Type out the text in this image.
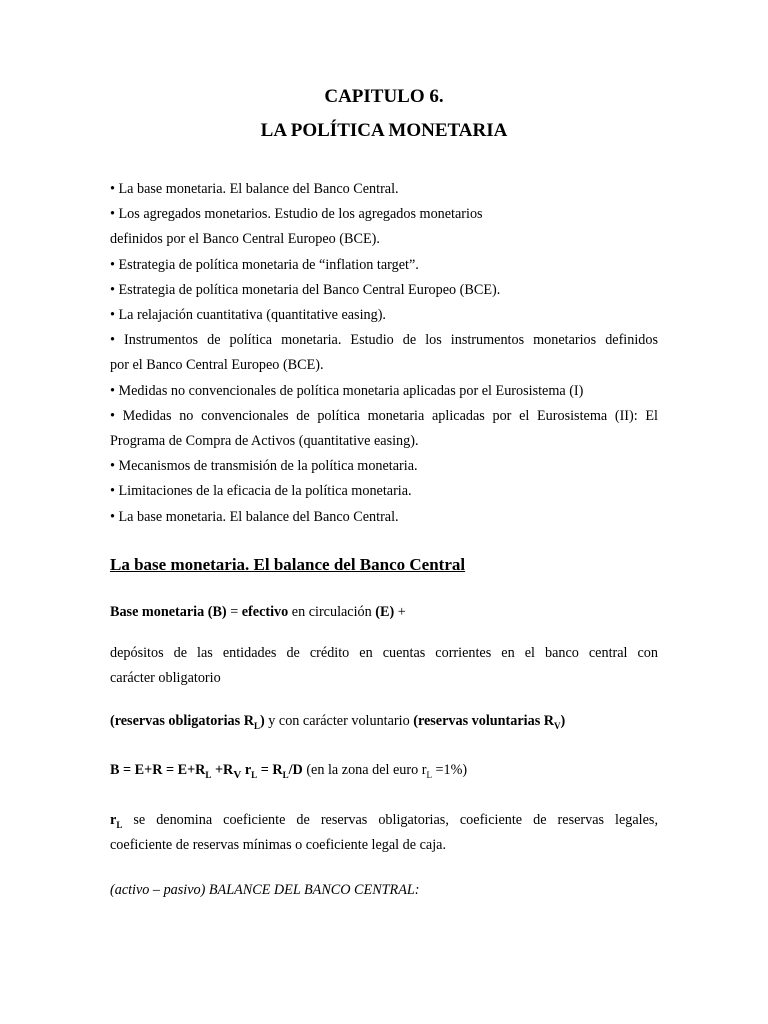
CAPITULO 6.
LA POLÍTICA MONETARIA
• La base monetaria. El balance del Banco Central.
• Los agregados monetarios. Estudio de los agregados monetarios
definidos por el Banco Central Europeo (BCE).
• Estrategia de política monetaria de “inflation target”.
• Estrategia de política monetaria del Banco Central Europeo (BCE).
• La relajación cuantitativa (quantitative easing).
• Instrumentos de política monetaria. Estudio de los instrumentos monetarios definidos
por el Banco Central Europeo (BCE).
• Medidas no convencionales de política monetaria aplicadas por el Eurosistema (I)
• Medidas no convencionales de política monetaria aplicadas por el Eurosistema (II): El
Programa de Compra de Activos (quantitative easing).
• Mecanismos de transmisión de la política monetaria.
• Limitaciones de la eficacia de la política monetaria.
• La base monetaria. El balance del Banco Central.
La base monetaria. El balance del Banco Central
Base monetaria (B) = efectivo en circulación (E) +
depósitos de las entidades de crédito en cuentas corrientes en el banco central con
carácter obligatorio
(reservas obligatorias $R_L$) y con carácter voluntario (reservas voluntarias $R_V$)
$B = E+R = E+R_L +R_V$ $r_L = R_L/D$ (en la zona del euro $r_L =1\%$)
$r_L$ se denomina coeficiente de reservas obligatorias, coeficiente de reservas legales,
coeficiente de reservas mínimas o coeficiente legal de caja.
(activo – pasivo) BALANCE DEL BANCO CENTRAL:
